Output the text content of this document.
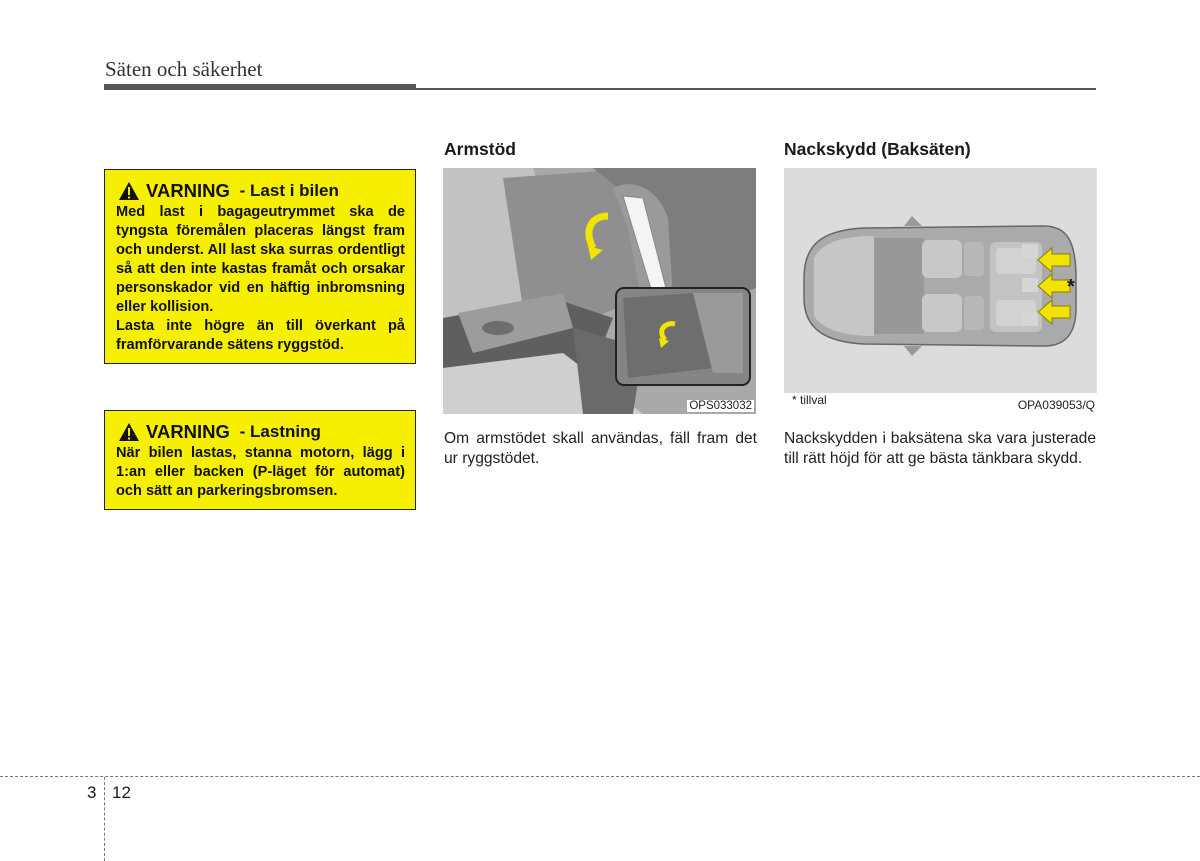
Säten och säkerhet
VARNING - Last i bilen

Med last i bagageutrymmet ska de tyngsta föremålen placeras längst fram och underst. All last ska surras ordentligt så att den inte kastas framåt och orsakar personskador vid en häftig inbromsning eller kollision.

Lasta inte högre än till överkant på framförvarande sätens ryggstöd.

VARNING - Lastning

När bilen lastas, stanna motorn, lägg i 1:an eller backen (P-läget för automat) och sätt an parkeringsbromsen.

Armstöd
OPS033032
Om armstödet skall användas, fäll fram det ur ryggstödet.
Nackskydd (Baksäten)
*
* tillval	OPA039053/Q
Nackskydden i baksätena ska vara justerade till rätt höjd för att ge bästa tänkbara skydd.
3 12
